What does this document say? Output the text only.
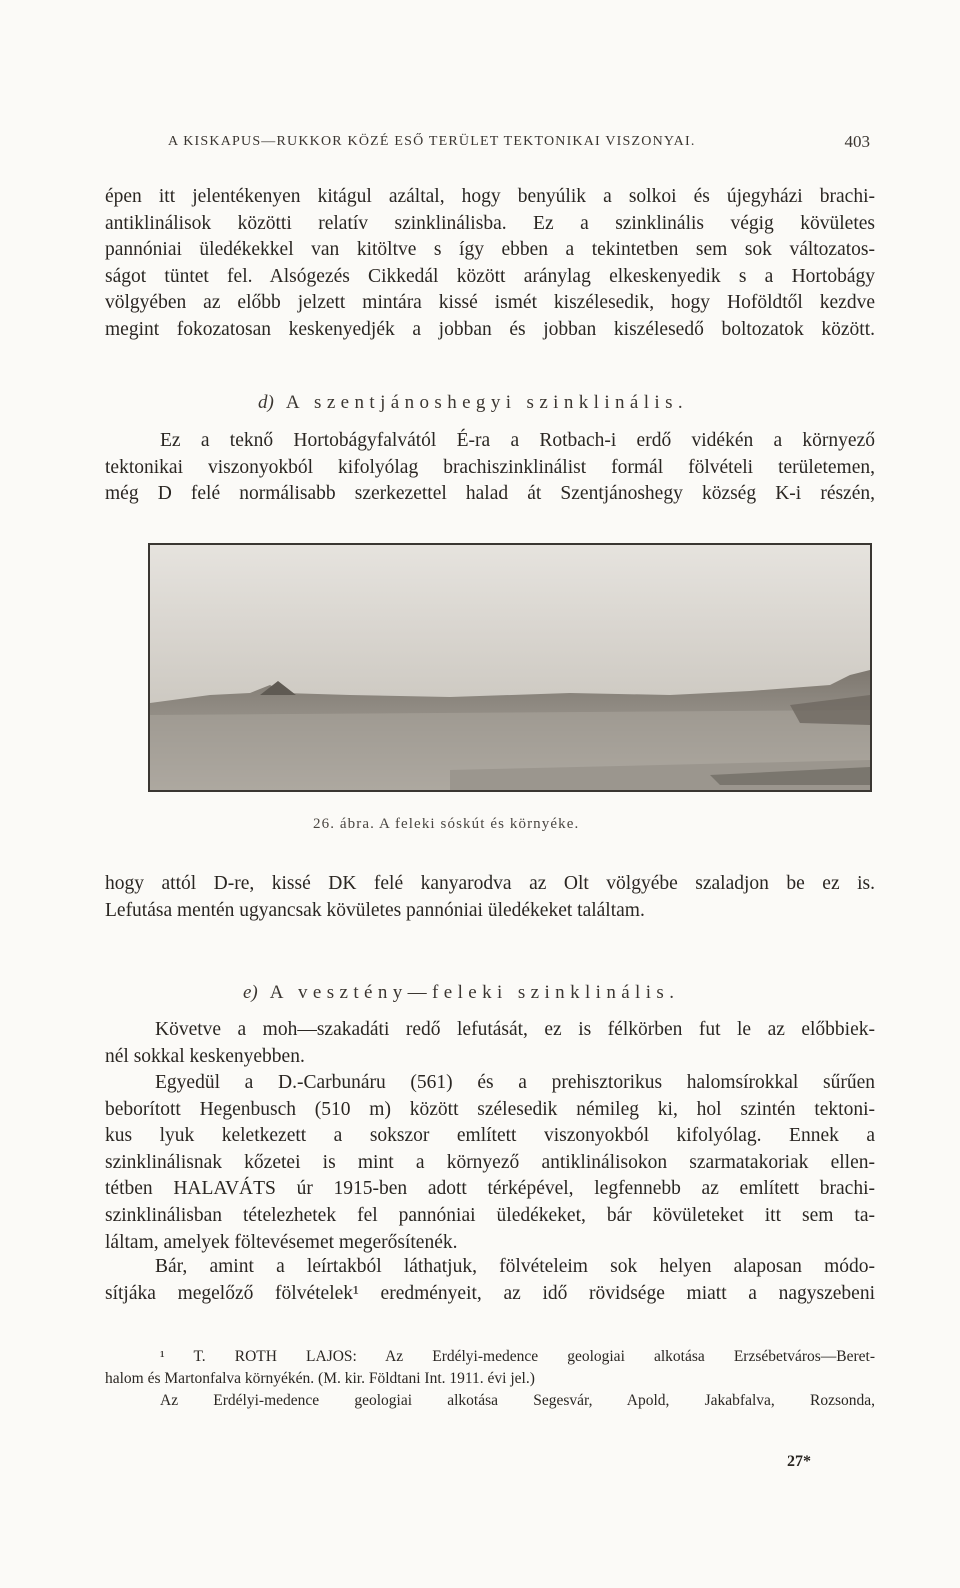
A KISKAPUS—RUKKOR KÖZÉ ESŐ TERÜLET TEKTONIKAI VISZONYAI.	403

épen itt jelentékenyen kitágul azáltal, hogy benyúlik a solkoi és újegyházi brachi-

antiklinálisok közötti relatív szinklinálisba. Ez a szinklinális végig kövületes

pannóniai üledékekkel van kitöltve s így ebben a tekintetben sem sok változatos-

ságot tüntet fel. Alsógezés Cikkedál között aránylag elkeskenyedik s a Hortobágy

völgyében az előbb jelzett mintára kissé ismét kiszélesedik, hogy Hoföldtől kezdve

megint fokozatosan keskenyedjék a jobban és jobban kiszélesedő boltozatok között.

d) A szentjánoshegyi szinklinális.

Ez a teknő Hortobágyfalvától É-ra a Rotbach-i erdő vidékén a környező

tektonikai viszonyokból kifolyólag brachiszinklinálist formál fölvételi területemen,

még D felé normálisabb szerkezettel halad át Szentjánoshegy község K-i részén,

26. ábra. A feleki sóskút és környéke.

hogy attól D-re, kissé DK felé kanyarodva az Olt völgyébe szaladjon be ez is.

Lefutása mentén ugyancsak kövületes pannóniai üledékeket találtam.

e) A vesztény—feleki szinklinális.

Követve a moh—szakadáti redő lefutását, ez is félkörben fut le az előbbiek-

nél sokkal keskenyebben.

Egyedül a D.-Carbunáru (561) és a prehisztorikus halomsírokkal sűrűen

beborított Hegenbusch (510 m) között szélesedik némileg ki, hol szintén tektoni-

kus lyuk keletkezett a sokszor említett viszonyokból kifolyólag. Ennek a

szinklinálisnak kőzetei is mint a környező antiklinálisokon szarmatakoriak ellen-

tétben HALAVÁTS úr 1915-ben adott térképével, legfennebb az említett brachi-

szinklinálisban tételezhetek fel pannóniai üledékeket, bár kövületeket itt sem ta-

láltam, amelyek föltevésemet megerősítenék.

Bár, amint a leírtakból láthatjuk, fölvételeim sok helyen alaposan módo-

sítjáka megelőző fölvételek¹ eredményeit, az idő rövidsége miatt a nagyszebeni

¹ T. ROTH LAJOS: Az Erdélyi-medence geologiai alkotása Erzsébetváros—Beret-
halom és Martonfalva környékén. (M. kir. Földtani Int. 1911. évi jel.)
Az Erdélyi-medence geologiai alkotása Segesvár, Apold, Jakabfalva, Rozsonda,
27*
